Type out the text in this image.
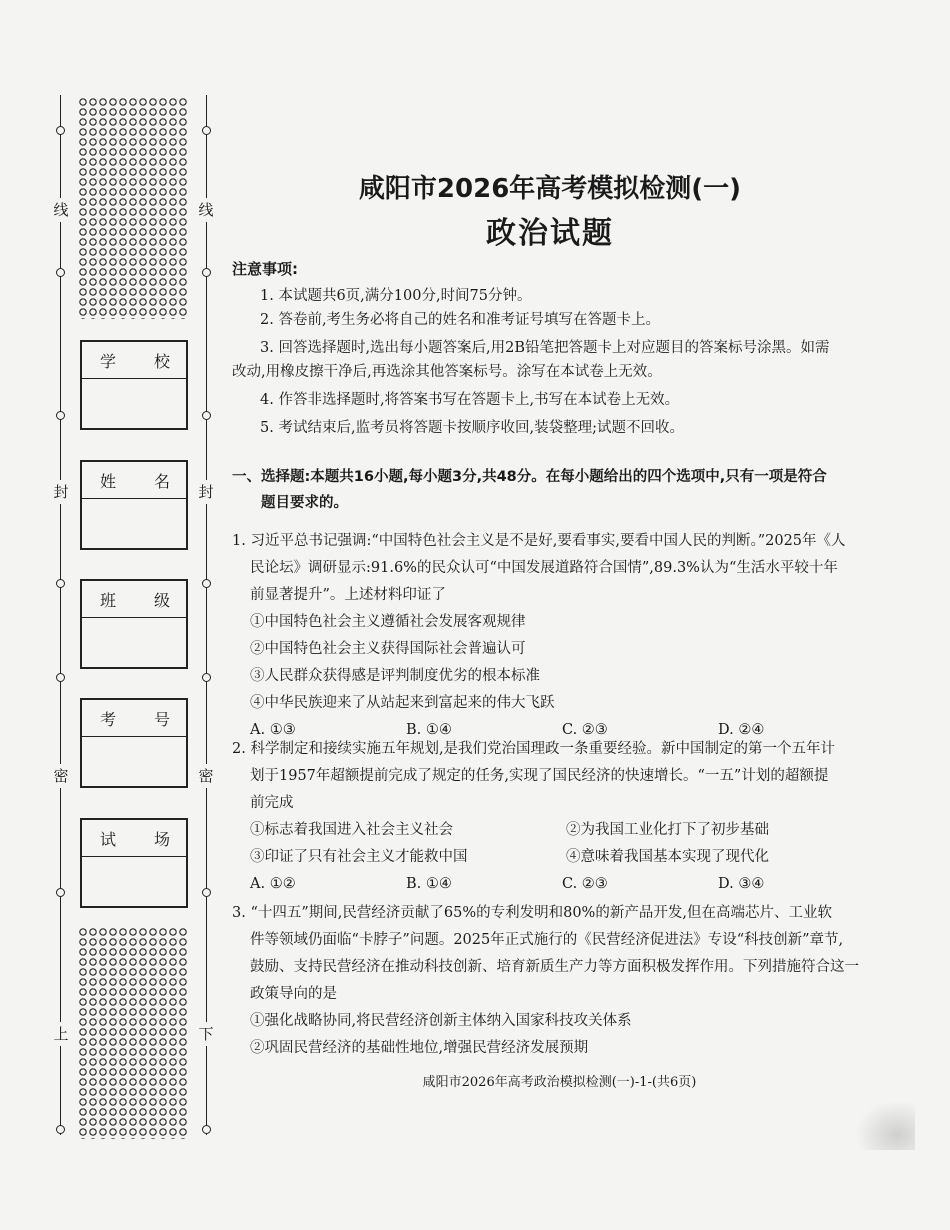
线
封
密
上
线
封
密
下
学 校
姓 名
班 级
考 号
试 场
咸阳市2026年高考模拟检测(一)
政治试题
注意事项:

1. 本试题共6页,满分100分,时间75分钟。

2. 答卷前,考生务必将自己的姓名和准考证号填写在答题卡上。

3. 回答选择题时,选出每小题答案后,用2B铅笔把答题卡上对应题目的答案标号涂黑。如需

改动,用橡皮擦干净后,再选涂其他答案标号。涂写在本试卷上无效。

4. 作答非选择题时,将答案书写在答题卡上,书写在本试卷上无效。

5. 考试结束后,监考员将答题卡按顺序收回,装袋整理;试题不回收。

一、选择题:本题共16小题,每小题3分,共48分。在每小题给出的四个选项中,只有一项是符合
题目要求的。

1. 习近平总书记强调:“中国特色社会主义是不是好,要看事实,要看中国人民的判断。”2025年《人

民论坛》调研显示:91.6%的民众认可“中国发展道路符合国情”,89.3%认为“生活水平较十年

前显著提升”。上述材料印证了

①中国特色社会主义遵循社会发展客观规律

②中国特色社会主义获得国际社会普遍认可

③人民群众获得感是评判制度优劣的根本标准

④中华民族迎来了从站起来到富起来的伟大飞跃

A. ①③	B. ①④	C. ②③	D. ②④

2. 科学制定和接续实施五年规划,是我们党治国理政一条重要经验。新中国制定的第一个五年计

划于1957年超额提前完成了规定的任务,实现了国民经济的快速增长。“一五”计划的超额提

前完成

①标志着我国进入社会主义社会	②为我国工业化打下了初步基础
③印证了只有社会主义才能救中国	④意味着我国基本实现了现代化
A. ①②	B. ①④	C. ②③	D. ③④

3. “十四五”期间,民营经济贡献了65%的专利发明和80%的新产品开发,但在高端芯片、工业软

件等领域仍面临“卡脖子”问题。2025年正式施行的《民营经济促进法》专设“科技创新”章节,

鼓励、支持民营经济在推动科技创新、培育新质生产力等方面积极发挥作用。下列措施符合这一

政策导向的是

①强化战略协同,将民营经济创新主体纳入国家科技攻关体系

②巩固民营经济的基础性地位,增强民营经济发展预期

咸阳市2026年高考政治模拟检测(一)-1-(共6页)
